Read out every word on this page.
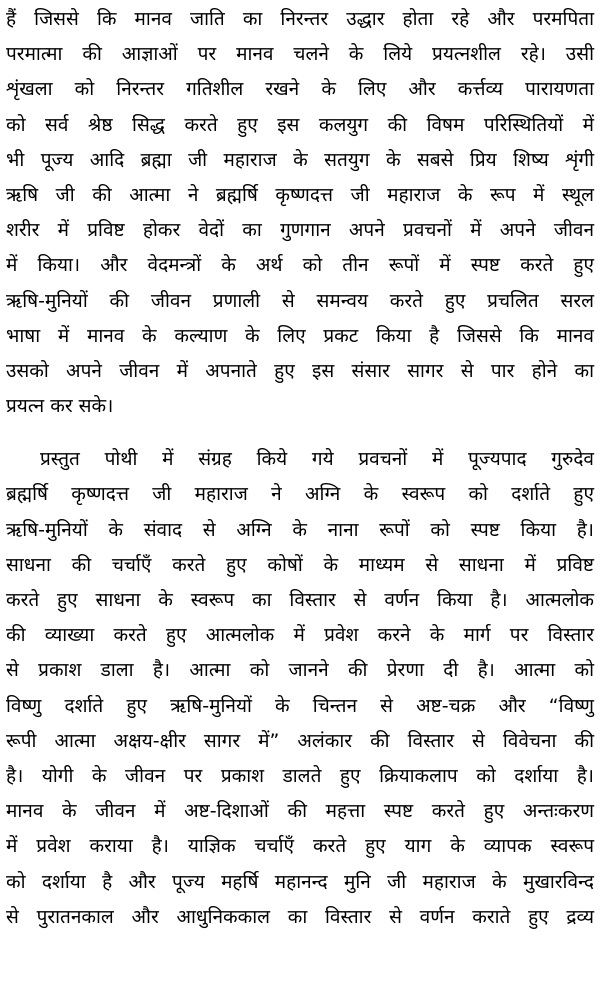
हैं जिससे कि मानव जाति का निरन्तर उद्धार होता रहे और परमपिता
परमात्मा की आज्ञाओं पर मानव चलने के लिये प्रयत्नशील रहे। उसी
शृंखला को निरन्तर गतिशील रखने के लिए और कर्त्तव्य पारायणता
को सर्व श्रेष्ठ सिद्ध करते हुए इस कलयुग की विषम परिस्थितियों में
भी पूज्य आदि ब्रह्मा जी महाराज के सतयुग के सबसे प्रिय शिष्य शृंगी
ऋषि जी की आत्मा ने ब्रह्मर्षि कृष्णदत्त जी महाराज के रूप में स्थूल
शरीर में प्रविष्ट होकर वेदों का गुणगान अपने प्रवचनों में अपने जीवन
में किया। और वेदमन्त्रों के अर्थ को तीन रूपों में स्पष्ट करते हुए
ऋषि-मुनियों की जीवन प्रणाली से समन्वय करते हुए प्रचलित सरल
भाषा में मानव के कल्याण के लिए प्रकट किया है जिससे कि मानव
उसको अपने जीवन में अपनाते हुए इस संसार सागर से पार होने का
प्रयत्न कर सके।
प्रस्तुत पोथी में संग्रह किये गये प्रवचनों में पूज्यपाद गुरुदेव
ब्रह्मर्षि कृष्णदत्त जी महाराज ने अग्नि के स्वरूप को दर्शाते हुए
ऋषि-मुनियों के संवाद से अग्नि के नाना रूपों को स्पष्ट किया है।
साधना की चर्चाएँ करते हुए कोषों के माध्यम से साधना में प्रविष्ट
करते हुए साधना के स्वरूप का विस्तार से वर्णन किया है। आत्मलोक
की व्याख्या करते हुए आत्मलोक में प्रवेश करने के मार्ग पर विस्तार
से प्रकाश डाला है। आत्मा को जानने की प्रेरणा दी है। आत्मा को
विष्णु दर्शाते हुए ऋषि-मुनियों के चिन्तन से अष्ट-चक्र और “विष्णु
रूपी आत्मा अक्षय-क्षीर सागर में” अलंकार की विस्तार से विवेचना की
है। योगी के जीवन पर प्रकाश डालते हुए क्रियाकलाप को दर्शाया है।
मानव के जीवन में अष्ट-दिशाओं की महत्ता स्पष्ट करते हुए अन्तःकरण
में प्रवेश कराया है। याज्ञिक चर्चाएँ करते हुए याग के व्यापक स्वरूप
को दर्शाया है और पूज्य महर्षि महानन्द मुनि जी महाराज के मुखारविन्द
से पुरातनकाल और आधुनिककाल का विस्तार से वर्णन कराते हुए द्रव्य
